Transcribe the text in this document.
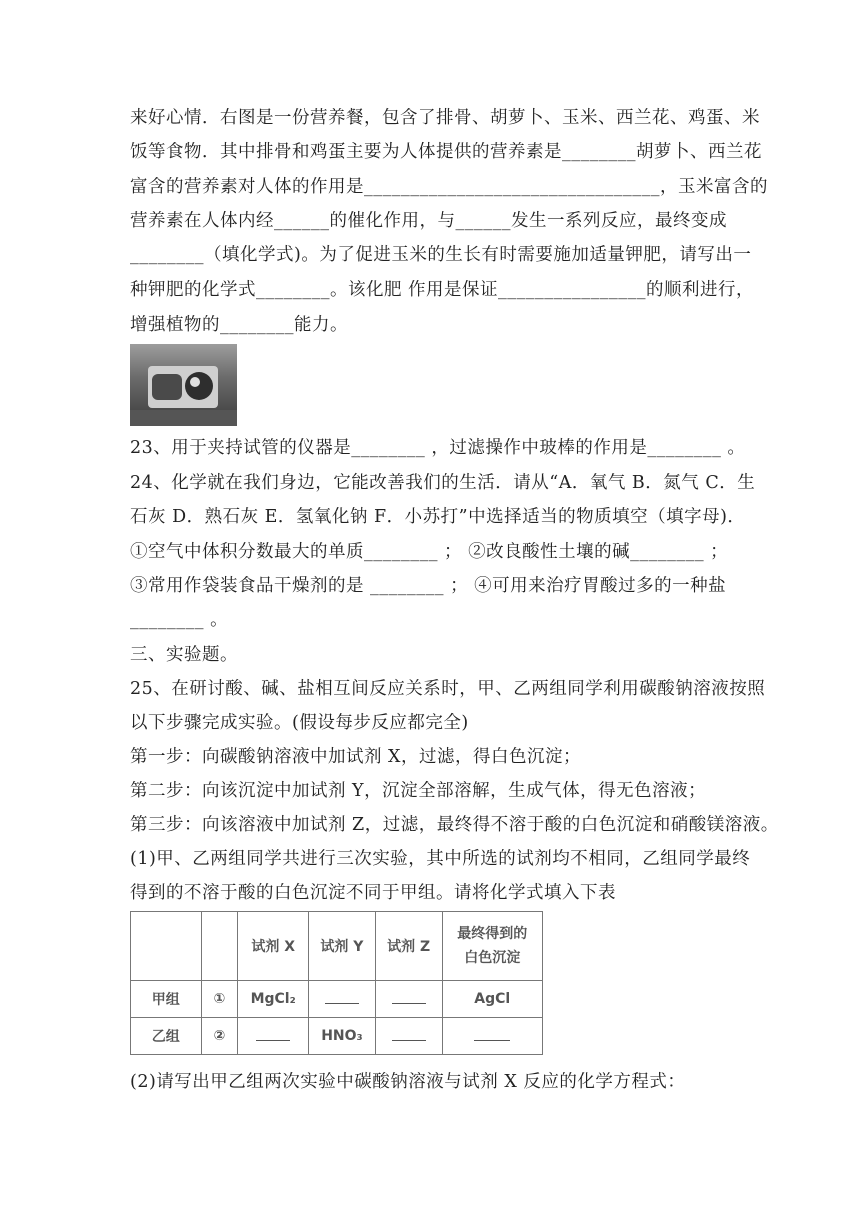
来好心情．右图是一份营养餐，包含了排骨、胡萝卜、玉米、西兰花、鸡蛋、米
饭等食物．其中排骨和鸡蛋主要为人体提供的营养素是________胡萝卜、西兰花
富含的营养素对人体的作用是________________________________，玉米富含的
营养素在人体内经______的催化作用，与______发生一系列反应，最终变成
________（填化学式)。为了促进玉米的生长有时需要施加适量钾肥，请写出一
种钾肥的化学式________。该化肥 作用是保证________________的顺利进行，
增强植物的________能力。
23、用于夹持试管的仪器是________ ，过滤操作中玻棒的作用是________ 。
24、化学就在我们身边，它能改善我们的生活．请从“A．氧气 B．氮气 C．生
石灰 D．熟石灰 E．氢氧化钠 F．小苏打”中选择适当的物质填空（填字母)．
①空气中体积分数最大的单质________ ； ②改良酸性土壤的碱________ ；
③常用作袋装食品干燥剂的是 ________ ； ④可用来治疗胃酸过多的一种盐
________ 。
三、实验题。
25、在研讨酸、碱、盐相互间反应关系时，甲、乙两组同学利用碳酸钠溶液按照
以下步骤完成实验。(假设每步反应都完全)
第一步：向碳酸钠溶液中加试剂 X，过滤，得白色沉淀；
第二步：向该沉淀中加试剂 Y，沉淀全部溶解，生成气体，得无色溶液；
第三步：向该溶液中加试剂 Z，过滤，最终得不溶于酸的白色沉淀和硝酸镁溶液。
(1)甲、乙两组同学共进行三次实验，其中所选的试剂均不相同，乙组同学最终
得到的不溶于酸的白色沉淀不同于甲组。请将化学式填入下表
		试剂 X	试剂 Y	试剂 Z	最终得到的
白色沉淀
甲组	①	MgCl₂			AgCl
乙组	②		HNO₃		
(2)请写出甲乙组两次实验中碳酸钠溶液与试剂 X 反应的化学方程式：
